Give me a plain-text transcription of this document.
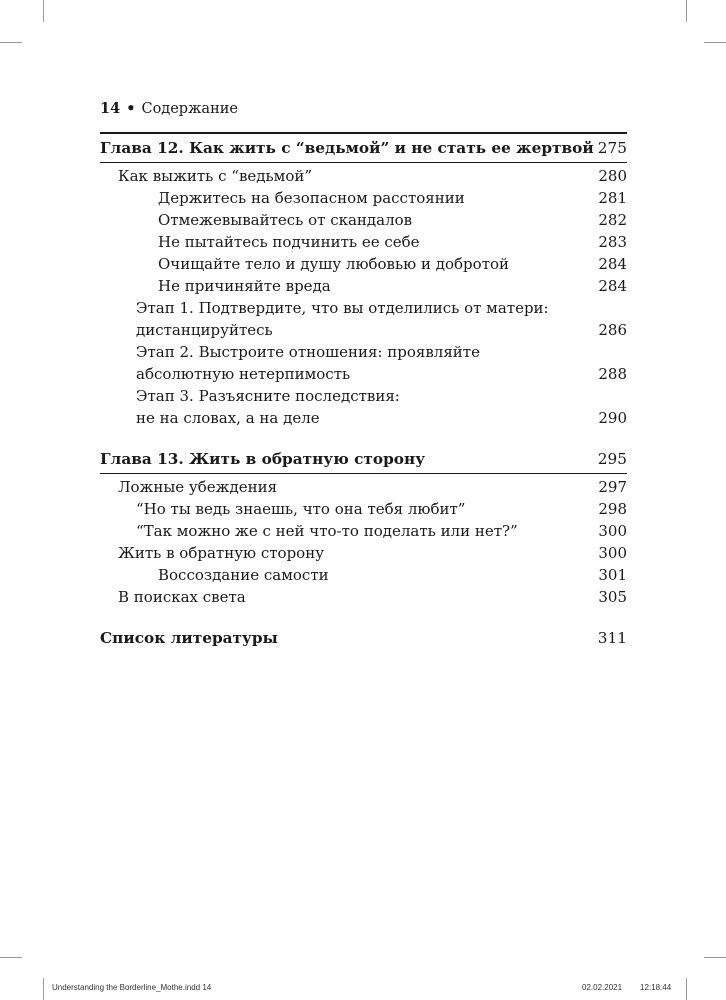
14 • Содержание
Глава 12. Как жить с “ведьмой” и не стать ее жертвой 275
Как выжить с “ведьмой”	280
Держитесь на безопасном расстоянии	281
Отмежевывайтесь от скандалов	282
Не пытайтесь подчинить ее себе	283
Очищайте тело и душу любовью и добротой	284
Не причиняйте вреда	284
Этап 1. Подтвердите, что вы отделились от матери:
дистанцируйтесь	286
Этап 2. Выстроите отношения: проявляйте
абсолютную нетерпимость	288
Этап 3. Разъясните последствия:
не на словах, а на деле	290
Глава 13. Жить в обратную сторону	295
Ложные убеждения	297
“Но ты ведь знаешь, что она тебя любит”	298
“Так можно же с ней что-то поделать или нет?”	300
Жить в обратную сторону	300
Воссоздание самости	301
В поисках света	305
Список литературы	311
Understanding the Borderline_Mothe.indd 14	02.02.2021 12:18:44
